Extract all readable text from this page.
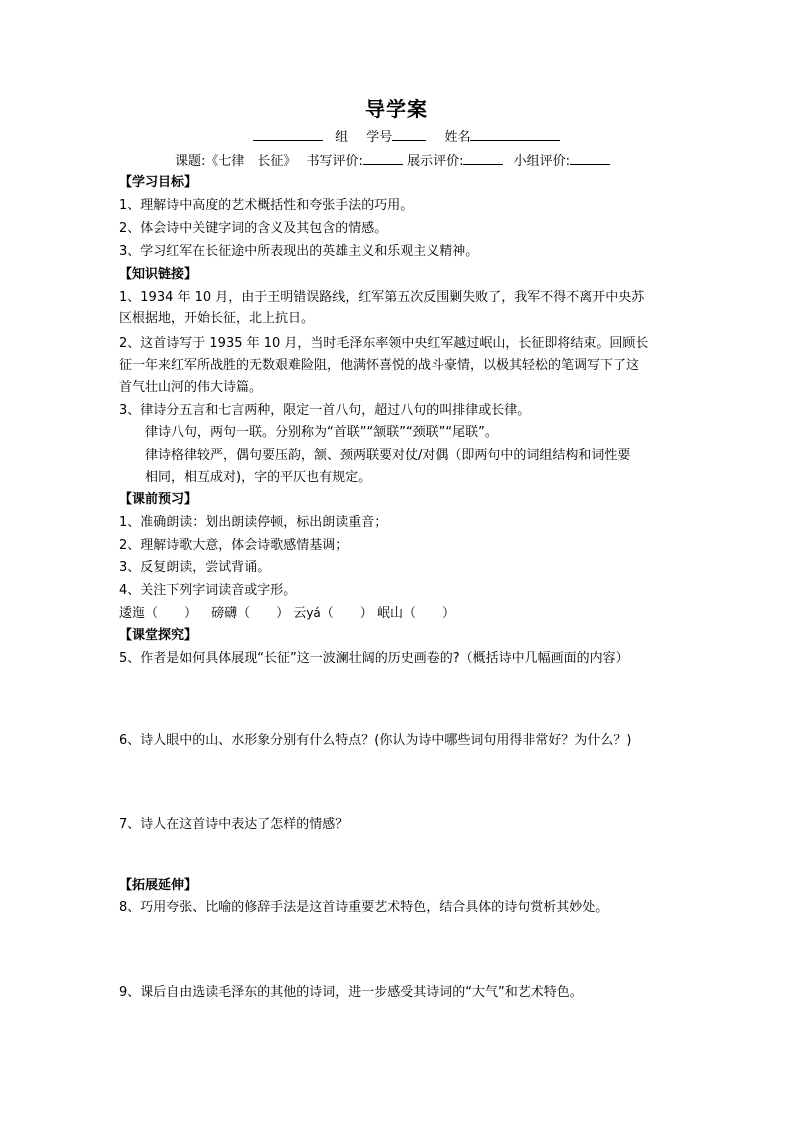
导学案
组 学号	姓名
课题:《七律　长征》 书写评价:	展示评价:	小组评价:
【学习目标】
1、理解诗中高度的艺术概括性和夸张手法的巧用。
2、体会诗中关键字词的含义及其包含的情感。
3、学习红军在长征途中所表现出的英雄主义和乐观主义精神。
【知识链接】
1、1934 年 10 月，由于王明错误路线，红军第五次反围剿失败了，我军不得不离开中央苏
区根据地，开始长征，北上抗日。
2、这首诗写于 1935 年 10 月，当时毛泽东率领中央红军越过岷山，长征即将结束。回顾长
征一年来红军所战胜的无数艰难险阻，他满怀喜悦的战斗豪情，以极其轻松的笔调写下了这
首气壮山河的伟大诗篇。
3、律诗分五言和七言两种，限定一首八句，超过八句的叫排律或长律。
律诗八句，两句一联。分别称为“首联”“颔联”“颈联”“尾联”。
律诗格律较严，偶句要压韵，颔、颈两联要对仗/对偶（即两句中的词组结构和词性要
相同，相互成对)，字的平仄也有规定。
【课前预习】
1、准确朗读：划出朗读停顿，标出朗读重音；
2、理解诗歌大意，体会诗歌感情基调；
3、反复朗读，尝试背诵。
4、关注下列字词读音或字形。
逶迤（　　） 磅礴（　　） 云yá（　　） 岷山（　　）
【课堂探究】
5、作者是如何具体展现“长征”这一波澜壮阔的历史画卷的?（概括诗中几幅画面的内容）
6、诗人眼中的山、水形象分别有什么特点？(你认为诗中哪些词句用得非常好？为什么？)
7、诗人在这首诗中表达了怎样的情感？
【拓展延伸】
8、巧用夸张、比喻的修辞手法是这首诗重要艺术特色，结合具体的诗句赏析其妙处。
9、课后自由选读毛泽东的其他的诗词，进一步感受其诗词的“大气”和艺术特色。
